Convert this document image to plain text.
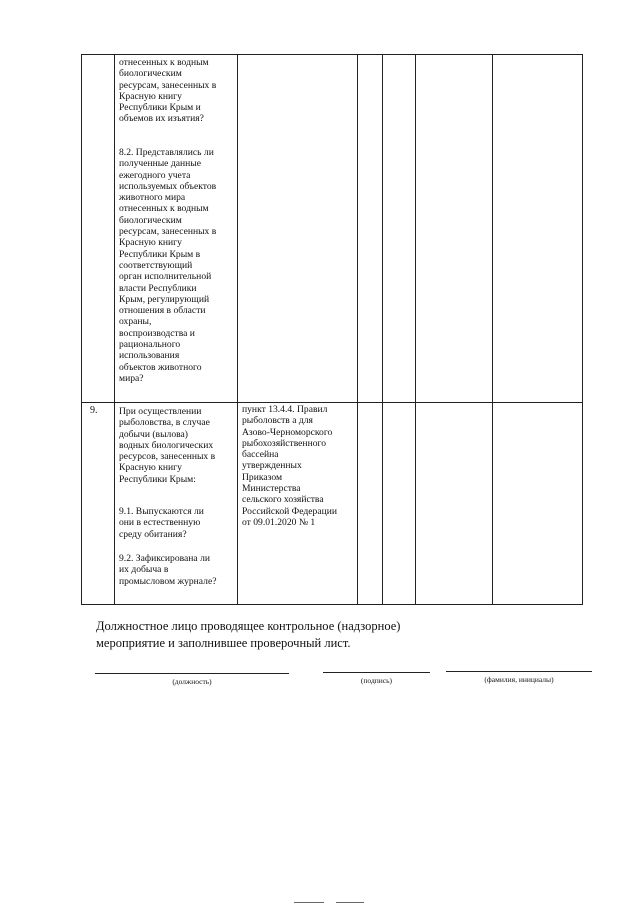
отнесенных к водным
биологическим
ресурсам, занесенных в
Красную книгу
Республики Крым и
объемов их изъятия?
8.2. Представлялись ли
полученные данные
ежегодного учета
используемых объектов
животного мира
отнесенных к водным
биологическим
ресурсам, занесенных в
Красную книгу
Республики Крым в
соответствующий
орган исполнительной
власти Республики
Крым, регулирующий
отношения в области
охраны,
воспроизводства и
рационального
использования
объектов животного
мира?
9. При осуществлении
рыболовства, в случае
добычи (вылова)
водных биологических
ресурсов, занесенных в
Красную книгу
Республики Крым:
9.1. Выпускаются ли
они в естественную
среду обитания?
9.2. Зафиксирована ли
их добыча в
промысловом журнале?
пункт 13.4.4. Правил
рыболовств а для
Азово-Черноморского
рыбохозяйственного
бассейна
утвержденных
Приказом
Министерства
сельского хозяйства
Российской Федерации
от 09.01.2020 № 1
Должностное лицо проводящее контрольное (надзорное)
мероприятие и заполнившее проверочный лист.
(должность)	(подпись)	(фамилия, инициалы)
